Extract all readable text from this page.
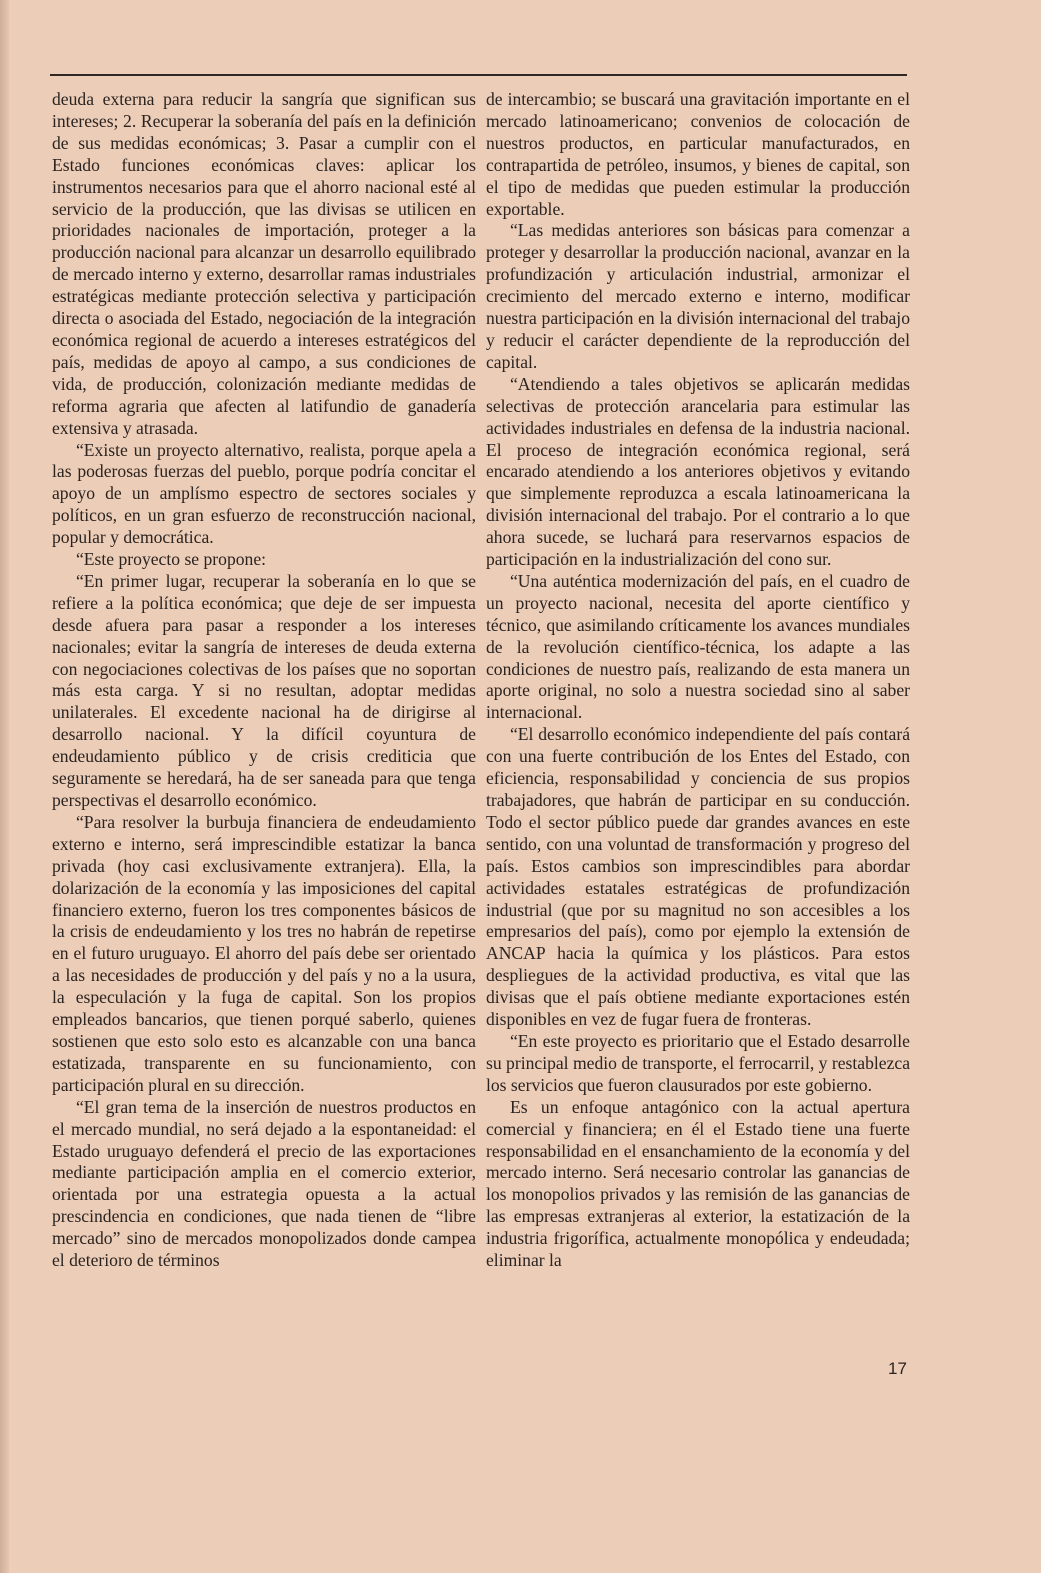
deuda externa para reducir la sangría que significan sus intereses; 2. Recuperar la soberanía del país en la definición de sus medidas económicas; 3. Pasar a cumplir con el Estado funciones económicas claves: aplicar los instrumentos necesarios para que el ahorro nacional esté al servicio de la producción, que las divisas se utilicen en prioridades nacionales de importación, proteger a la producción nacional para alcanzar un desarrollo equilibrado de mercado interno y externo, desarrollar ramas industriales estratégicas mediante protección selectiva y participación directa o asociada del Estado, negociación de la integración económica regional de acuerdo a intereses estratégicos del país, medidas de apoyo al campo, a sus condiciones de vida, de producción, colonización mediante medidas de reforma agraria que afecten al latifundio de ganadería extensiva y atrasada.

“Existe un proyecto alternativo, realista, porque apela a las poderosas fuerzas del pueblo, porque podría concitar el apoyo de un amplísmo espectro de sectores sociales y políticos, en un gran esfuerzo de reconstrucción nacional, popular y democrática.

“Este proyecto se propone:

“En primer lugar, recuperar la soberanía en lo que se refiere a la política económica; que deje de ser impuesta desde afuera para pasar a responder a los intereses nacionales; evitar la sangría de intereses de deuda externa con negociaciones colectivas de los países que no soportan más esta carga. Y si no resultan, adoptar medidas unilaterales. El excedente nacional ha de dirigirse al desarrollo nacional. Y la difícil coyuntura de endeudamiento público y de crisis crediticia que seguramente se heredará, ha de ser saneada para que tenga perspectivas el desarrollo económico.

“Para resolver la burbuja financiera de endeudamiento externo e interno, será imprescindible estatizar la banca privada (hoy casi exclusivamente extranjera). Ella, la dolarización de la economía y las imposiciones del capital financiero externo, fueron los tres componentes básicos de la crisis de endeudamiento y los tres no habrán de repetirse en el futuro uruguayo. El ahorro del país debe ser orientado a las necesidades de producción y del país y no a la usura, la especulación y la fuga de capital. Son los propios empleados bancarios, que tienen porqué saberlo, quienes sostienen que esto solo esto es alcanzable con una banca estatizada, transparente en su funcionamiento, con participación plural en su dirección.

“El gran tema de la inserción de nuestros productos en el mercado mundial, no será dejado a la espontaneidad: el Estado uruguayo defenderá el precio de las exportaciones mediante participación amplia en el comercio exterior, orientada por una estrategia opuesta a la actual prescindencia en condiciones, que nada tienen de “libre mercado” sino de mercados monopolizados donde campea el deterioro de términos

de intercambio; se buscará una gravitación importante en el mercado latinoamericano; convenios de colocación de nuestros productos, en particular manufacturados, en contrapartida de petróleo, insumos, y bienes de capital, son el tipo de medidas que pueden estimular la producción exportable.

“Las medidas anteriores son básicas para comenzar a proteger y desarrollar la producción nacional, avanzar en la profundización y articulación industrial, armonizar el crecimiento del mercado externo e interno, modificar nuestra participación en la división internacional del trabajo y reducir el carácter dependiente de la reproducción del capital.

“Atendiendo a tales objetivos se aplicarán medidas selectivas de protección arancelaria para estimular las actividades industriales en defensa de la industria nacional. El proceso de integración económica regional, será encarado atendiendo a los anteriores objetivos y evitando que simplemente reproduzca a escala latinoamericana la división internacional del trabajo. Por el contrario a lo que ahora sucede, se luchará para reservarnos espacios de participación en la industrialización del cono sur.

“Una auténtica modernización del país, en el cuadro de un proyecto nacional, necesita del aporte científico y técnico, que asimilando críticamente los avances mundiales de la revolución científico-técnica, los adapte a las condiciones de nuestro país, realizando de esta manera un aporte original, no solo a nuestra sociedad sino al saber internacional.

“El desarrollo económico independiente del país contará con una fuerte contribución de los Entes del Estado, con eficiencia, responsabilidad y conciencia de sus propios trabajadores, que habrán de participar en su conducción. Todo el sector público puede dar grandes avances en este sentido, con una voluntad de transformación y progreso del país. Estos cambios son imprescindibles para abordar actividades estatales estratégicas de profundización industrial (que por su magnitud no son accesibles a los empresarios del país), como por ejemplo la extensión de ANCAP hacia la química y los plásticos. Para estos despliegues de la actividad productiva, es vital que las divisas que el país obtiene mediante exportaciones estén disponibles en vez de fugar fuera de fronteras.

“En este proyecto es prioritario que el Estado desarrolle su principal medio de transporte, el ferrocarril, y restablezca los servicios que fueron clausurados por este gobierno.

Es un enfoque antagónico con la actual apertura comercial y financiera; en él el Estado tiene una fuerte responsabilidad en el ensanchamiento de la economía y del mercado interno. Será necesario controlar las ganancias de los monopolios privados y las remisión de las ganancias de las empresas extranjeras al exterior, la estatización de la industria frigorífica, actualmente monopólica y endeudada; eliminar la

17
